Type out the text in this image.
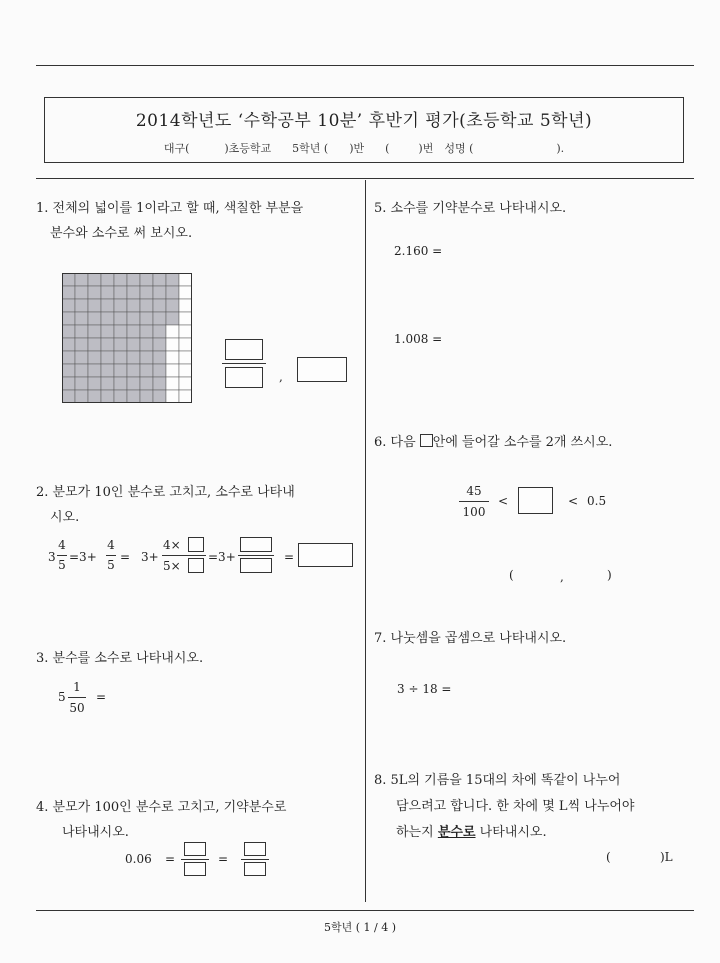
2014학년도 ‘수학공부 10분’ 후반기 평가(초등학교 5학년)
대구(	)초등학교 5학년 ( )반 (	)번 성명 (	).
1. 전체의 넓이를 1이라고 할 때, 색칠한 부분을
분수와 소수로 써 보시오.
,
2. 분모가 10인 분수로 고치고, 소수로 나타내
시오.
3
4
5
=3+
4
5
= 3+
4×
5×
=3+	=
3. 분수를 소수로 나타내시오.
5
1
50
=
4. 분모가 100인 분수로 고치고, 기약분수로
나타내시오.
0.06 =	=
5. 소수를 기약분수로 나타내시오.
2.160 =
1.008 =
6. 다음 안에 들어갈 소수를 2개 쓰시오.
45
100
<	< 0.5
(	,	)
7. 나눗셈을 곱셈으로 나타내시오.
3 ÷ 18 =
8. 5L의 기름을 15대의 차에 똑같이 나누어
담으려고 합니다. 한 차에 몇 L씩 나누어야
하는지 분수로 나타내시오.
(	)L
5학년 ( 1 / 4 )
